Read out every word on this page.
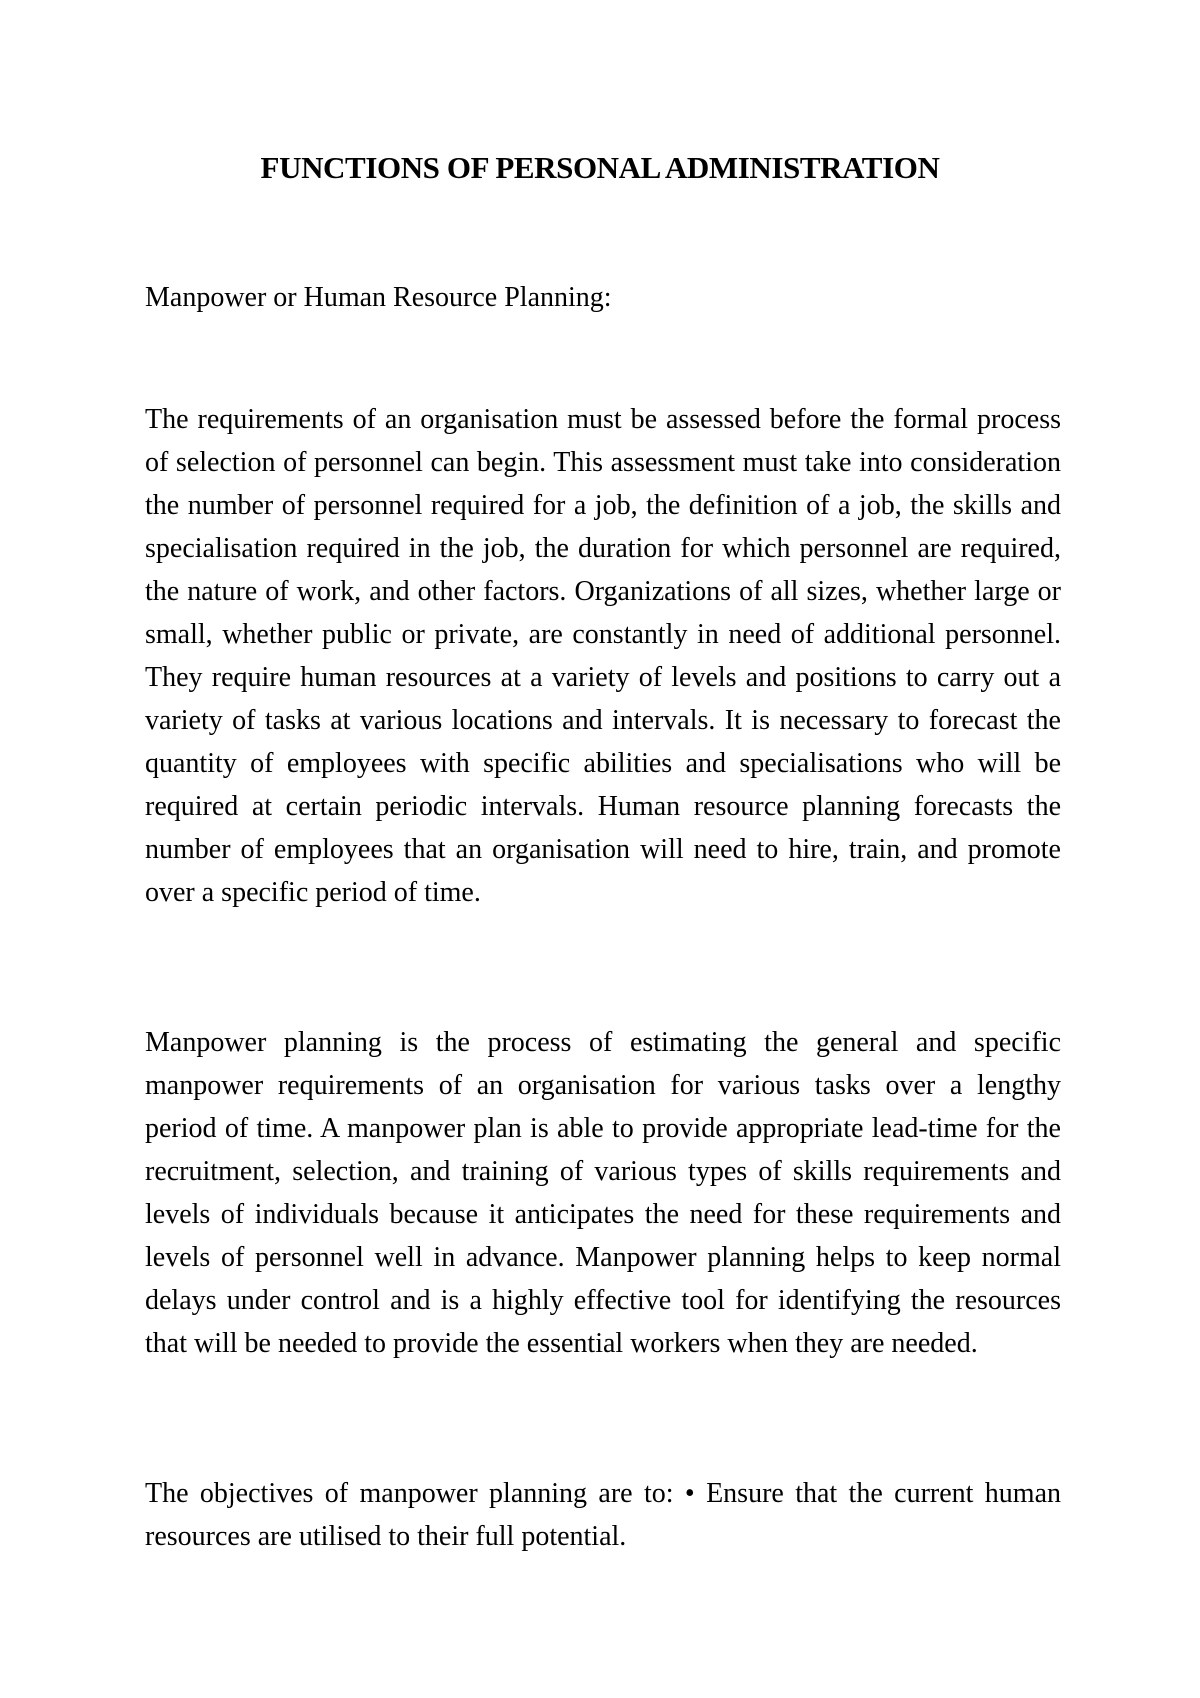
FUNCTIONS OF PERSONAL ADMINISTRATION
Manpower or Human Resource Planning:

The requirements of an organisation must be assessed before the formal process of selection of personnel can begin. This assessment must take into consideration the number of personnel required for a job, the definition of a job, the skills and specialisation required in the job, the duration for which personnel are required, the nature of work, and other factors. Organizations of all sizes, whether large or small, whether public or private, are constantly in need of additional personnel. They require human resources at a variety of levels and positions to carry out a variety of tasks at various locations and intervals. It is necessary to forecast the quantity of employees with specific abilities and specialisations who will be required at certain periodic intervals. Human resource planning forecasts the number of employees that an organisation will need to hire, train, and promote over a specific period of time.

Manpower planning is the process of estimating the general and specific manpower requirements of an organisation for various tasks over a lengthy period of time. A manpower plan is able to provide appropriate lead-time for the recruitment, selection, and training of various types of skills requirements and levels of individuals because it anticipates the need for these requirements and levels of personnel well in advance. Manpower planning helps to keep normal delays under control and is a highly effective tool for identifying the resources that will be needed to provide the essential workers when they are needed.

The objectives of manpower planning are to: • Ensure that the current human resources are utilised to their full potential.
